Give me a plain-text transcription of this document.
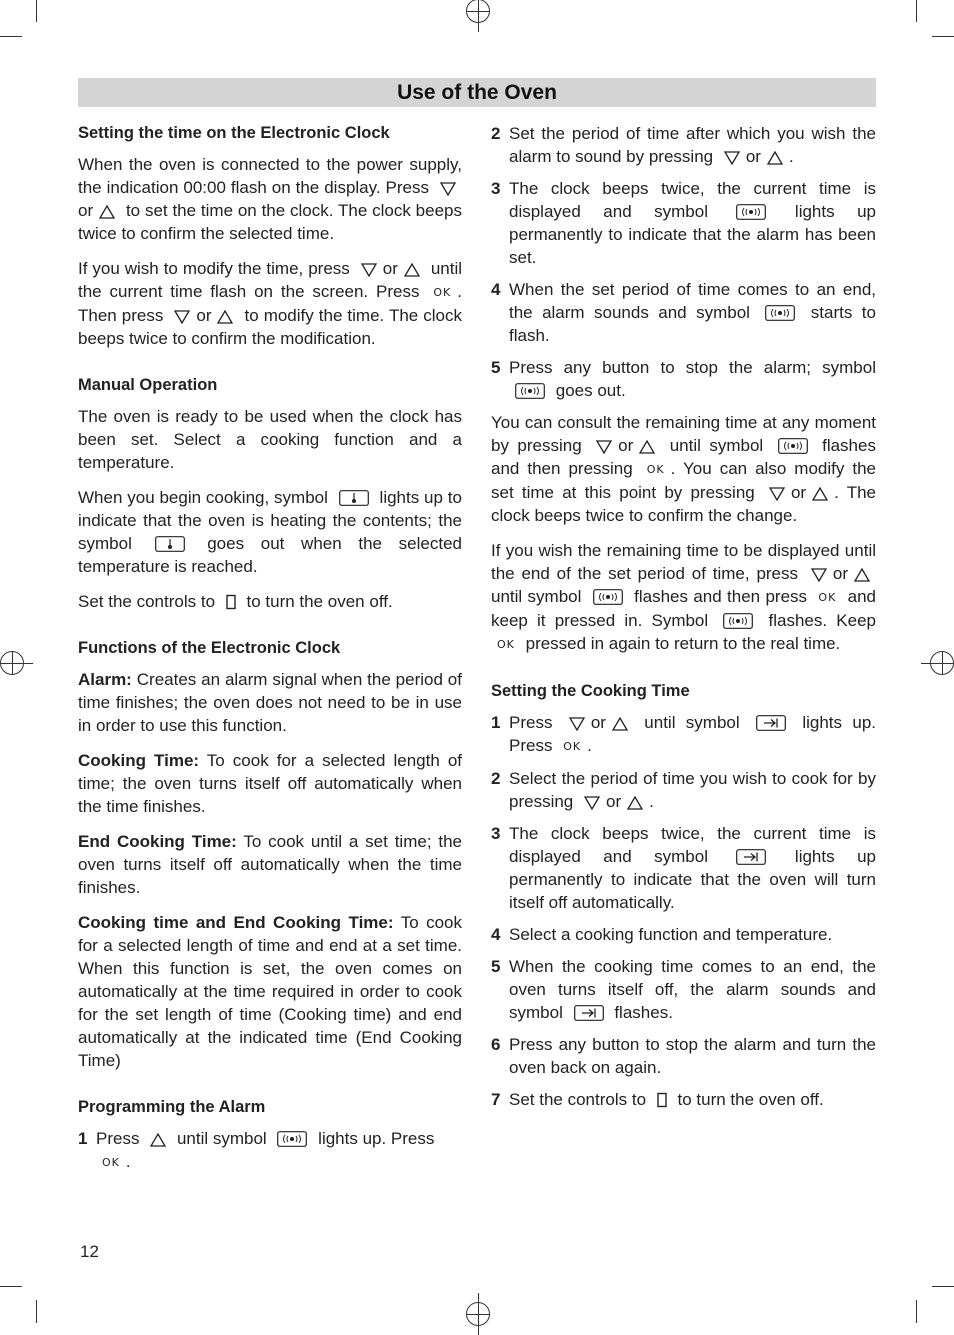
Use of the Oven
Setting the time on the Electronic Clock

When the oven is connected to the power supply, the indication 00:00 flash on the display. Press
or to set the time on the clock. The clock beeps twice to confirm the selected time.

If you wish to modify the time, press or until the current time flash on the screen. Press OK . Then press or to modify the time. The clock beeps twice to confirm the modification.

Manual Operation

The oven is ready to be used when the clock has been set. Select a cooking function and a temperature.

When you begin cooking, symbol	lights up to indicate that the oven is heating the contents; the symbol	goes out when the selected temperature is reached.

Set the controls to to turn the oven off.

Functions of the Electronic Clock

Alarm: Creates an alarm signal when the period of time finishes; the oven does not need to be in use in order to use this function.

Cooking Time: To cook for a selected length of time; the oven turns itself off automatically when the time finishes.

End Cooking Time: To cook until a set time; the oven turns itself off automatically when the time finishes.

Cooking time and End Cooking Time: To cook for a selected length of time and end at a set time. When this function is set, the oven comes on automatically at the time required in order to cook for the set length of time (Cooking time) and end automatically at the indicated time (End Cooking Time)

Programming the Alarm
1 Press until symbol	lights up. Press
OK .
2 Set the period of time after which you wish the alarm to sound by pressing or .
3 The clock beeps twice, the current time is displayed and symbol	lights up permanently to indicate that the alarm has been set.
4 When the set period of time comes to an end, the alarm sounds and symbol	starts to flash.
5 Press any button to stop the alarm; symbol
goes out.

You can consult the remaining time at any moment by pressing or until symbol	flashes and then pressing OK . You can also modify the set time at this point by pressing or . The clock beeps twice to confirm the change.

If you wish the remaining time to be displayed until the end of the set period of time, press or
until symbol	flashes and then press OK and keep it pressed in. Symbol	flashes. Keep OK pressed in again to return to the real time.

Setting the Cooking Time
1 Press or until symbol	lights up. Press OK .
2 Select the period of time you wish to cook for by pressing or .
3 The clock beeps twice, the current time is displayed and symbol	lights up permanently to indicate that the oven will turn itself off automatically.
4 Select a cooking function and temperature.
5 When the cooking time comes to an end, the oven turns itself off, the alarm sounds and symbol	flashes.
6 Press any button to stop the alarm and turn the oven back on again.
7 Set the controls to to turn the oven off.
12
